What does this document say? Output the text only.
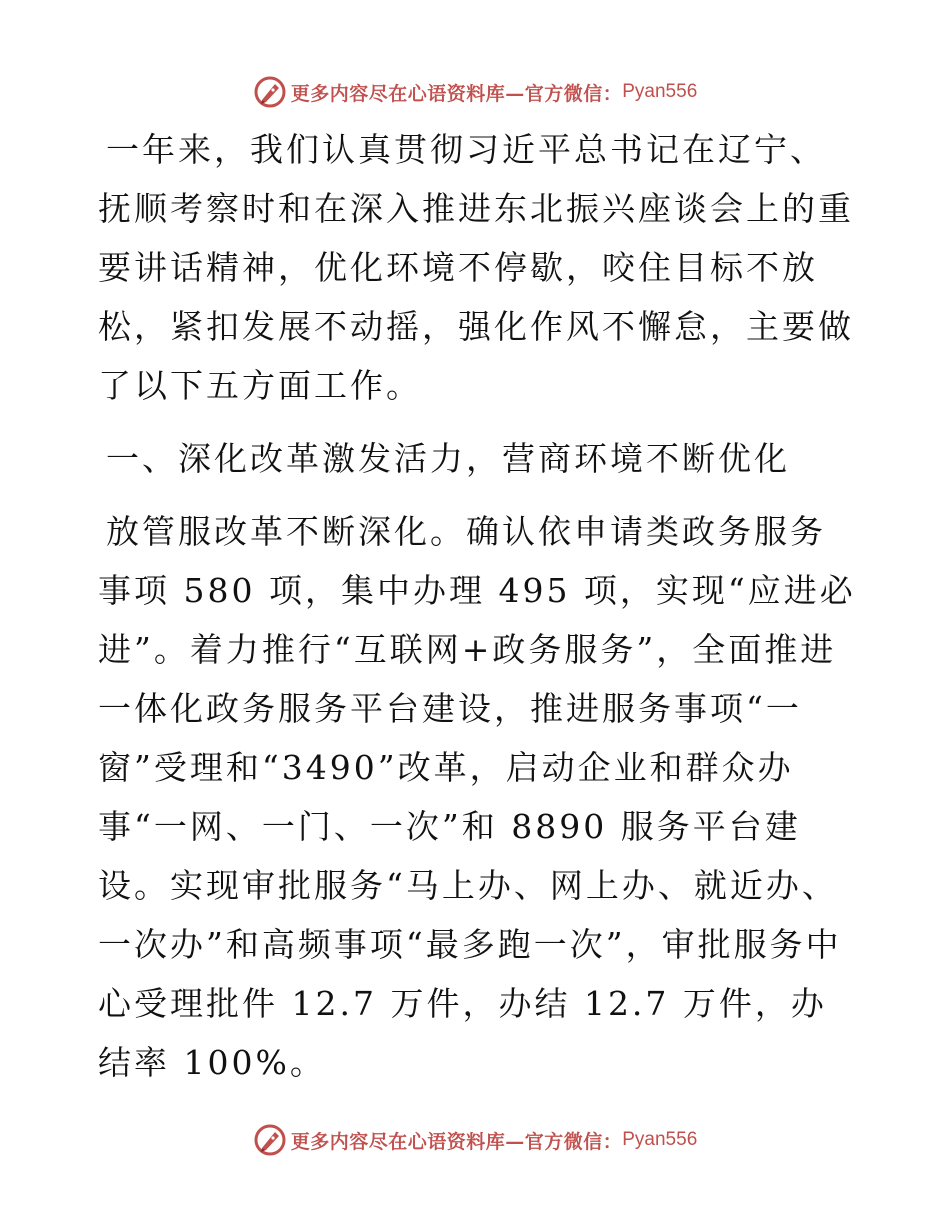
更多内容尽在心语资料库—官方微信： Pyan556

一年来，我们认真贯彻习近平总书记在辽宁、抚顺考察时和在深入推进东北振兴座谈会上的重要讲话精神，优化环境不停歇，咬住目标不放松，紧扣发展不动摇，强化作风不懈怠，主要做了以下五方面工作。

一、深化改革激发活力，营商环境不断优化

放管服改革不断深化。确认依申请类政务服务事项 580 项，集中办理 495 项，实现“应进必进”。着力推行“互联网+政务服务”，全面推进一体化政务服务平台建设，推进服务事项“一窗”受理和“3490”改革，启动企业和群众办事“一网、一门、一次”和 8890 服务平台建设。实现审批服务“马上办、网上办、就近办、一次办”和高频事项“最多跑一次”，审批服务中心受理批件 12.7 万件，办结 12.7 万件，办结率 100%。

更多内容尽在心语资料库—官方微信： Pyan556
